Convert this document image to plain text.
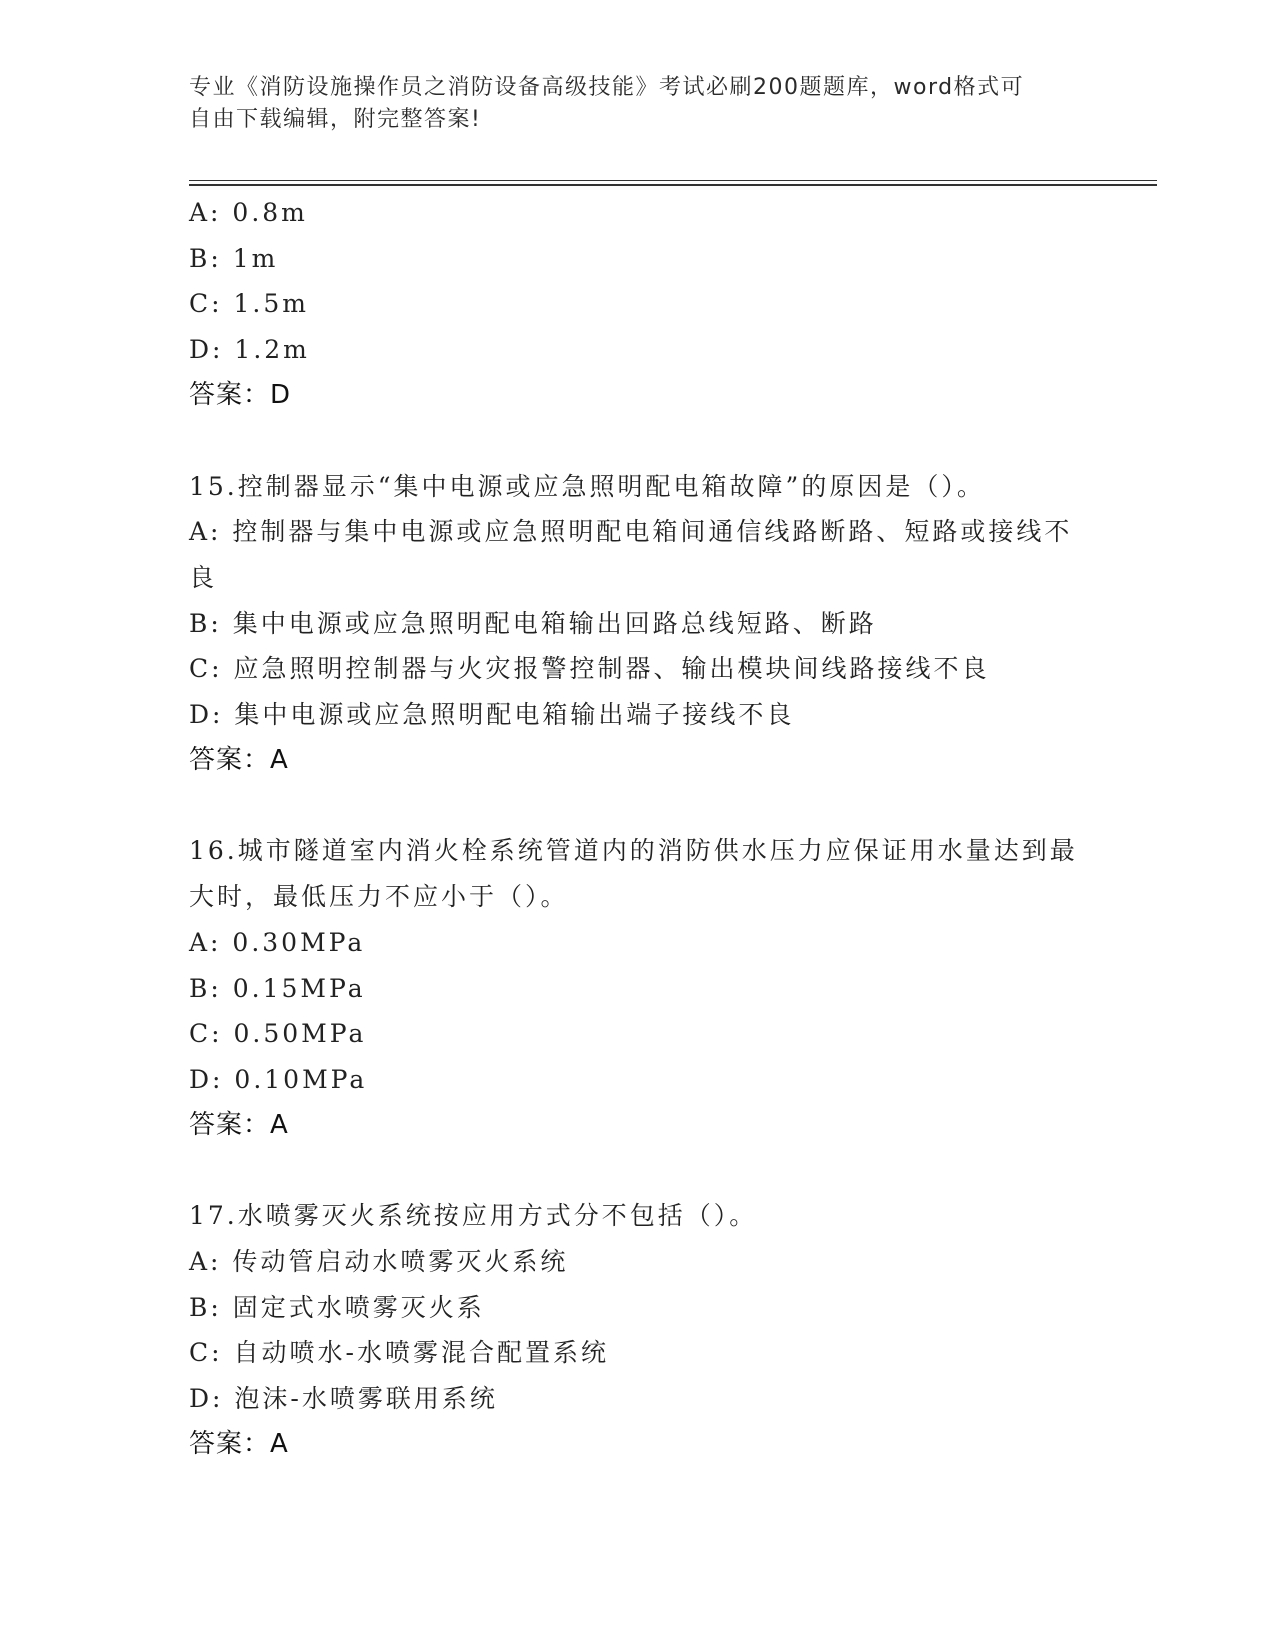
专业《消防设施操作员之消防设备高级技能》考试必刷200题题库，word格式可
自由下载编辑，附完整答案!
A: 0.8m
B: 1m
C: 1.5m
D: 1.2m
答案：D
15.控制器显示“集中电源或应急照明配电箱故障”的原因是（）。
A: 控制器与集中电源或应急照明配电箱间通信线路断路、短路或接线不良
B: 集中电源或应急照明配电箱输出回路总线短路、断路
C: 应急照明控制器与火灾报警控制器、输出模块间线路接线不良
D: 集中电源或应急照明配电箱输出端子接线不良
答案：A
16.城市隧道室内消火栓系统管道内的消防供水压力应保证用水量达到最大时，最低压力不应小于（）。
A: 0.30MPa
B: 0.15MPa
C: 0.50MPa
D: 0.10MPa
答案：A
17.水喷雾灭火系统按应用方式分不包括（）。
A: 传动管启动水喷雾灭火系统
B: 固定式水喷雾灭火系
C: 自动喷水-水喷雾混合配置系统
D: 泡沫-水喷雾联用系统
答案：A
